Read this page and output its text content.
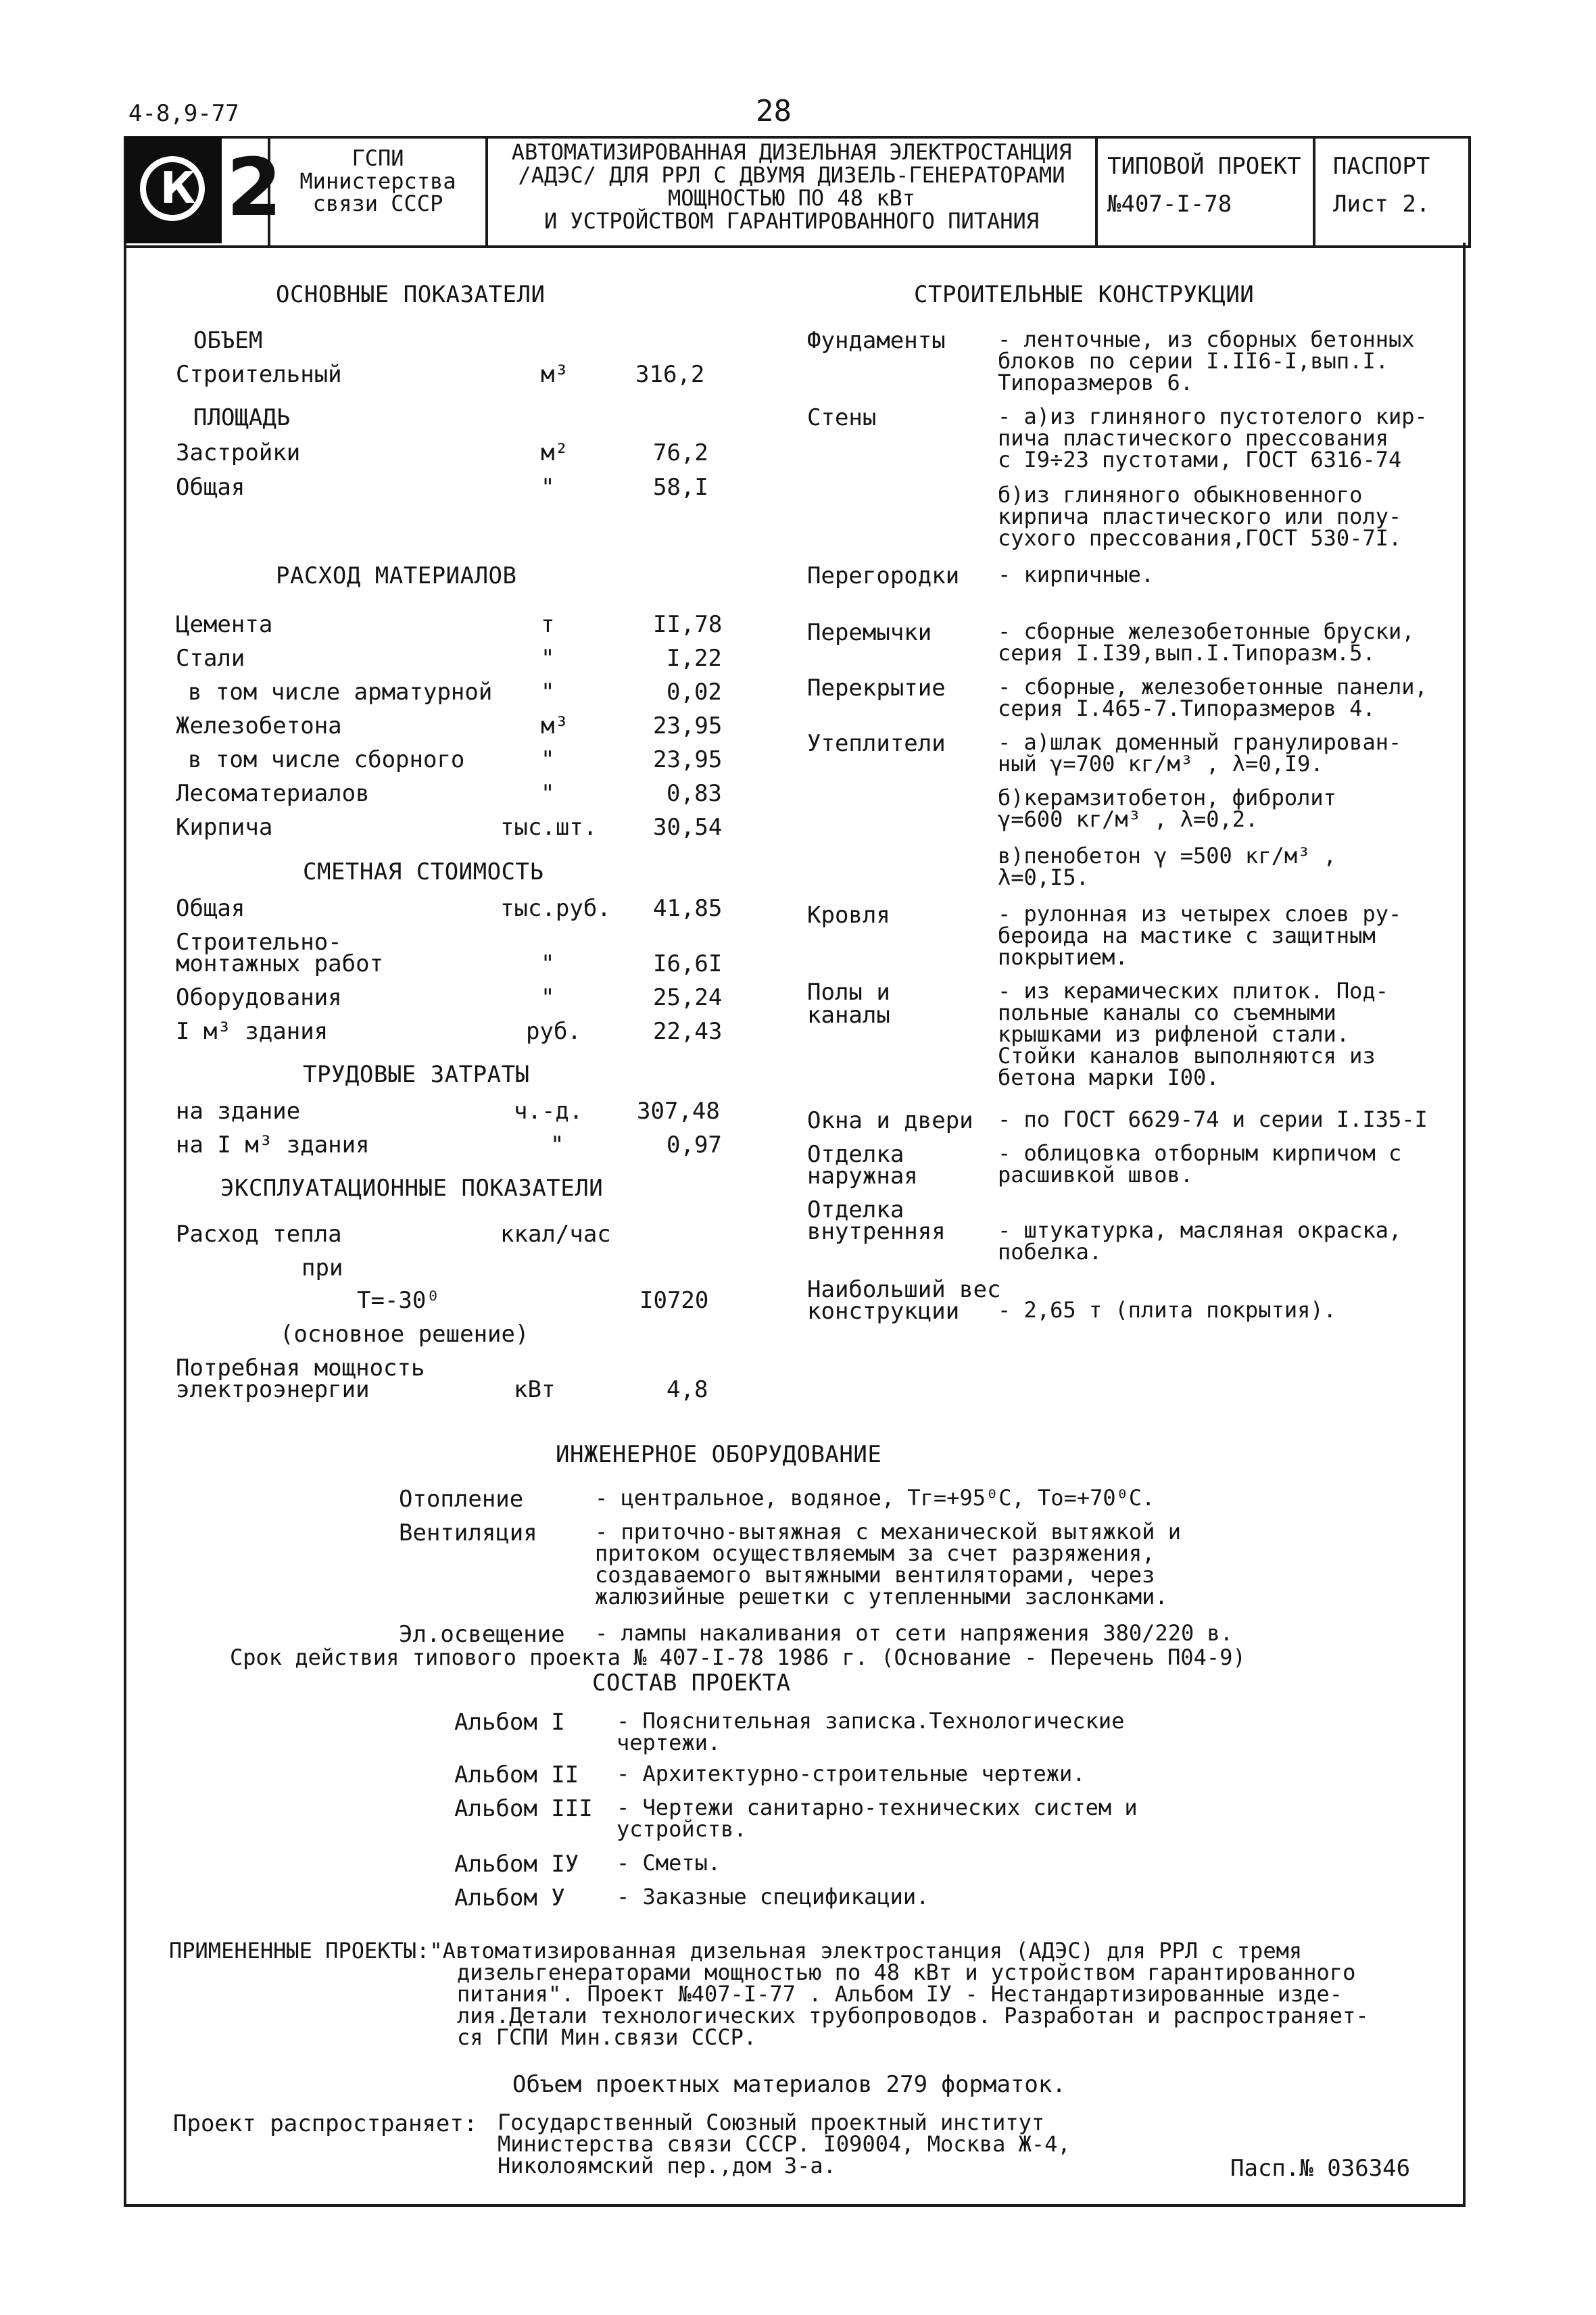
4-8,9-77	28
К 2	ГСПИ
Министерства
связи СССР
АВТОМАТИЗИРОВАННАЯ ДИЗЕЛЬНАЯ ЭЛЕКТРОСТАНЦИЯ
/АДЭС/ ДЛЯ РРЛ С ДВУМЯ ДИЗЕЛЬ-ГЕНЕРАТОРАМИ
МОЩНОСТЬЮ ПО 48 кВт
И УСТРОЙСТВОМ ГАРАНТИРОВАННОГО ПИТАНИЯ
ТИПОВОЙ ПРОЕКТ
№407-I-78
ПАСПОРТ
Лист 2.
ОСНОВНЫЕ ПОКАЗАТЕЛИ
ОБЪЕМ
Строительный	м³	316,2
ПЛОЩАДЬ
Застройки	м²	76,2
Общая	"	58,I
РАСХОД МАТЕРИАЛОВ
Цемента	т	II,78
Стали	"	I,22
в том числе арматурной "	0,02
Железобетона	м³	23,95
в том числе сборного	"	23,95
Лесоматериалов	"	0,83
Кирпича	тыс.шт. 30,54
СМЕТНАЯ СТОИМОСТЬ
Общая	тыс.руб. 41,85
Строительно-
монтажных работ	"	I6,6I
Оборудования	"	25,24
I м³ здания	руб.	22,43
ТРУДОВЫЕ ЗАТРАТЫ
на здание	ч.-д. 307,48
на I м³ здания	"	0,97
ЭКСПЛУАТАЦИОННЫЕ ПОКАЗАТЕЛИ
Расход тепла	ккал/час
при
T=-30⁰	I0720
(основное решение)
Потребная мощность
электроэнергии	кВт	4,8
СТРОИТЕЛЬНЫЕ КОНСТРУКЦИИ
Фундаменты - ленточные, из сборных бетонных
блоков по серии I.II6-I,вып.I.
Типоразмеров 6.
Стены	- а)из глиняного пустотелого кир-
пича пластического прессования
с I9÷23 пустотами, ГОСТ 6316-74
б)из глиняного обыкновенного
кирпича пластического или полу-
сухого прессования,ГОСТ 530-7I.
Перегородки - кирпичные.
Перемычки	- сборные железобетонные бруски,
серия I.I39,вып.I.Типоразм.5.
Перекрытие - сборные, железобетонные панели,
серия I.465-7.Типоразмеров 4.
Утеплители - а)шлак доменный гранулирован-
ный γ=700 кг/м³ , λ=0,I9.
б)керамзитобетон, фибролит
γ=600 кг/м³ , λ=0,2.
в)пенобетон γ =500 кг/м³ ,
λ=0,I5.
Кровля	- рулонная из четырех слоев ру-
бероида на мастике с защитным
покрытием.
Полы и
каналы
- из керамических плиток. Под-
польные каналы со съемными
крышками из рифленой стали.
Стойки каналов выполняются из
бетона марки I00.
Окна и двери - по ГОСТ 6629-74 и серии I.I35-I
Отделка
наружная
- облицовка отборным кирпичом с
расшивкой швов.
Отделка
внутренняя - штукатурка, масляная окраска,
побелка.
Наибольший вес
конструкции - 2,65 т (плита покрытия).
ИНЖЕНЕРНОЕ ОБОРУДОВАНИЕ
Отопление	- центральное, водяное, Tг=+95⁰С, To=+70⁰С.
Вентиляция	- приточно-вытяжная с механической вытяжкой и
притоком осуществляемым за счет разряжения,
создаваемого вытяжными вентиляторами, через
жалюзийные решетки с утепленными заслонками.
Эл.освещение - лампы накаливания от сети напряжения 380/220 в.
Срок действия типового проекта № 407-I-78 1986 г. (Основание - Перечень П04-9)
СОСТАВ ПРОЕКТА
Альбом I - Пояснительная записка.Технологические
чертежи.
Альбом II - Архитектурно-строительные чертежи.
Альбом III - Чертежи санитарно-технических систем и
устройств.
Альбом IУ - Сметы.
Альбом У - Заказные спецификации.
ПРИМЕНЕННЫЕ ПРОЕКТЫ:"Автоматизированная дизельная электростанция (АДЭС) для РРЛ с тремя
дизельгенераторами мощностью по 48 кВт и устройством гарантированного
питания". Проект №407-I-77 . Альбом IУ - Нестандартизированные изде-
лия.Детали технологических трубопроводов. Разработан и распространяет-
ся ГСПИ Мин.связи СССР.
Объем проектных материалов 279 форматок.
Проект распространяет: Государственный Союзный проектный институт
Министерства связи СССР. I09004, Москва Ж-4,
Николоямский пер.,дом 3-а.	Пасп.№ 036346
